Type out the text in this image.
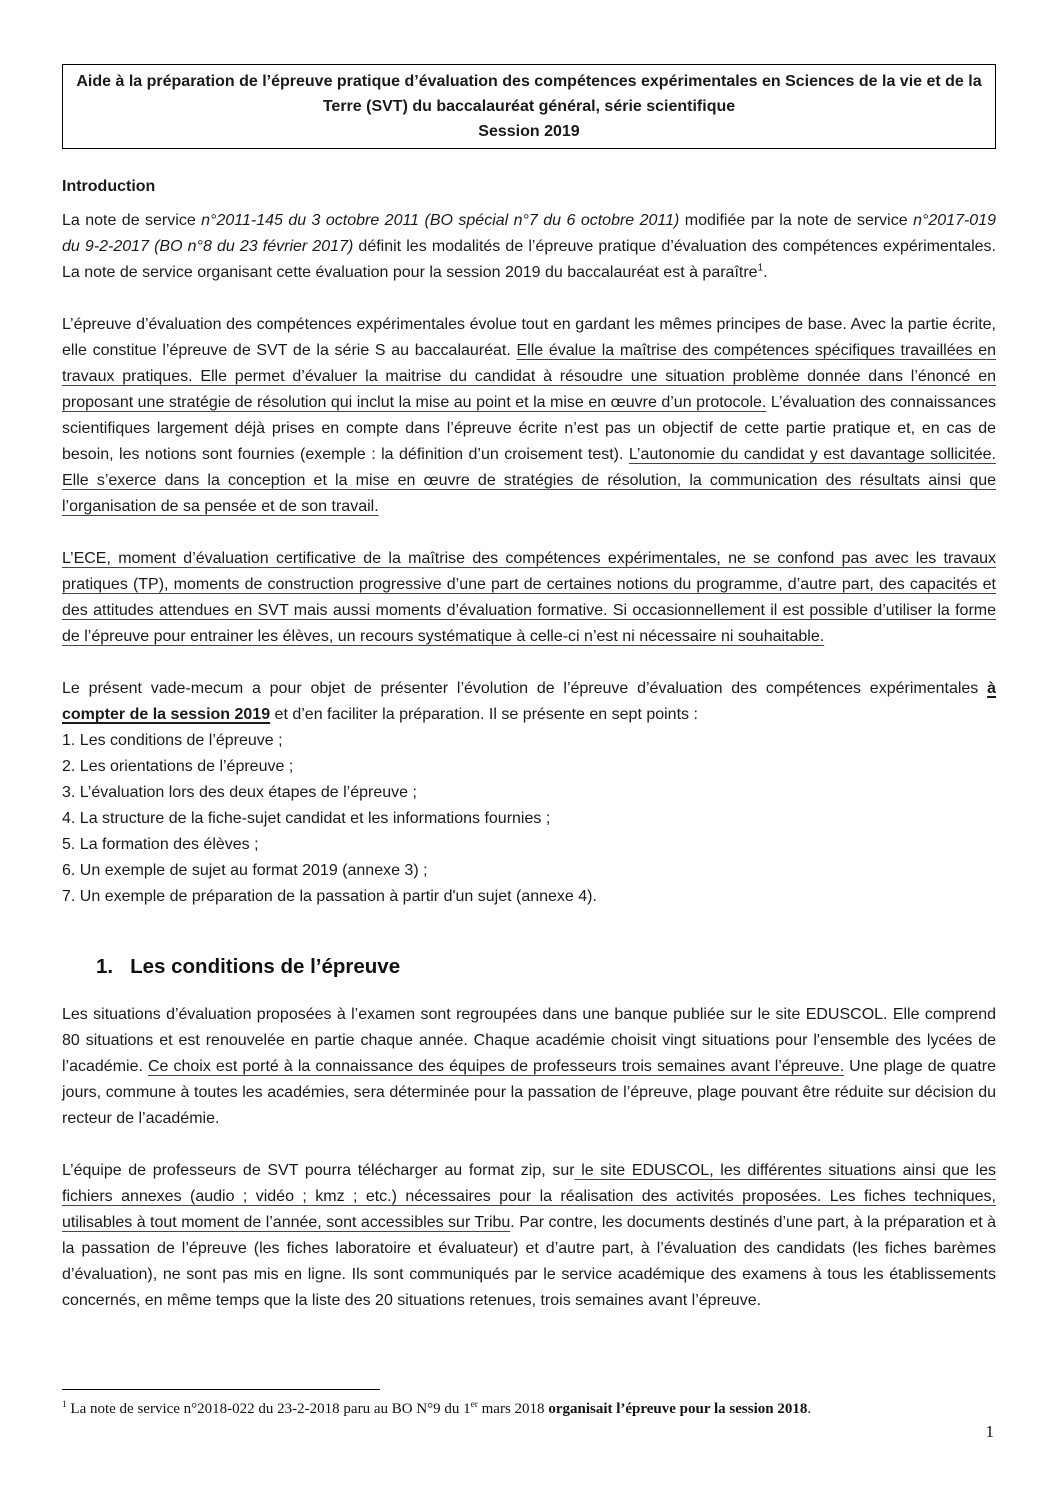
Aide à la préparation de l’épreuve pratique d’évaluation des compétences expérimentales en Sciences de la vie et de la Terre (SVT) du baccalauréat général, série scientifique

Session 2019

Introduction

La note de service n°2011-145 du 3 octobre 2011 (BO spécial n°7 du 6 octobre 2011) modifiée par la note de service n°2017-019 du 9-2-2017 (BO n°8 du 23 février 2017) définit les modalités de l’épreuve pratique d’évaluation des compétences expérimentales. La note de service organisant cette évaluation pour la session 2019 du baccalauréat est à paraître$^1$.

L’épreuve d’évaluation des compétences expérimentales évolue tout en gardant les mêmes principes de base. Avec la partie écrite, elle constitue l’épreuve de SVT de la série S au baccalauréat. Elle évalue la maîtrise des compétences spécifiques travaillées en travaux pratiques. Elle permet d’évaluer la maitrise du candidat à résoudre une situation problème donnée dans l’énoncé en proposant une stratégie de résolution qui inclut la mise au point et la mise en œuvre d’un protocole. L’évaluation des connaissances scientifiques largement déjà prises en compte dans l’épreuve écrite n’est pas un objectif de cette partie pratique et, en cas de besoin, les notions sont fournies (exemple : la définition d’un croisement test). L’autonomie du candidat y est davantage sollicitée. Elle s’exerce dans la conception et la mise en œuvre de stratégies de résolution, la communication des résultats ainsi que l’organisation de sa pensée et de son travail.

L’ECE, moment d’évaluation certificative de la maîtrise des compétences expérimentales, ne se confond pas avec les travaux pratiques (TP), moments de construction progressive d’une part de certaines notions du programme, d’autre part, des capacités et des attitudes attendues en SVT mais aussi moments d’évaluation formative. Si occasionnellement il est possible d’utiliser la forme de l’épreuve pour entrainer les élèves, un recours systématique à celle-ci n’est ni nécessaire ni souhaitable.

Le présent vade-mecum a pour objet de présenter l’évolution de l’épreuve d’évaluation des compétences expérimentales à compter de la session 2019 et d’en faciliter la préparation. Il se présente en sept points :

1. Les conditions de l’épreuve ;
2. Les orientations de l’épreuve ;
3. L’évaluation lors des deux étapes de l’épreuve ;
4. La structure de la fiche-sujet candidat et les informations fournies ;
5. La formation des élèves ;
6. Un exemple de sujet au format 2019 (annexe 3) ;
7. Un exemple de préparation de la passation à partir d'un sujet (annexe 4).
1. Les conditions de l’épreuve

Les situations d’évaluation proposées à l’examen sont regroupées dans une banque publiée sur le site EDUSCOL. Elle comprend 80 situations et est renouvelée en partie chaque année. Chaque académie choisit vingt situations pour l'ensemble des lycées de l’académie. Ce choix est porté à la connaissance des équipes de professeurs trois semaines avant l’épreuve. Une plage de quatre jours, commune à toutes les académies, sera déterminée pour la passation de l’épreuve, plage pouvant être réduite sur décision du recteur de l’académie.

L’équipe de professeurs de SVT pourra télécharger au format zip, sur le site EDUSCOL, les différentes situations ainsi que les fichiers annexes (audio ; vidéo ; kmz ; etc.) nécessaires pour la réalisation des activités proposées. Les fiches techniques, utilisables à tout moment de l’année, sont accessibles sur Tribu. Par contre, les documents destinés d’une part, à la préparation et à la passation de l’épreuve (les fiches laboratoire et évaluateur) et d’autre part, à l’évaluation des candidats (les fiches barèmes d’évaluation), ne sont pas mis en ligne. Ils sont communiqués par le service académique des examens à tous les établissements concernés, en même temps que la liste des 20 situations retenues, trois semaines avant l’épreuve.

$^1$ La note de service n°2018-022 du 23-2-2018 paru au BO N°9 du 1er mars 2018 organisait l’épreuve pour la session 2018.

1
